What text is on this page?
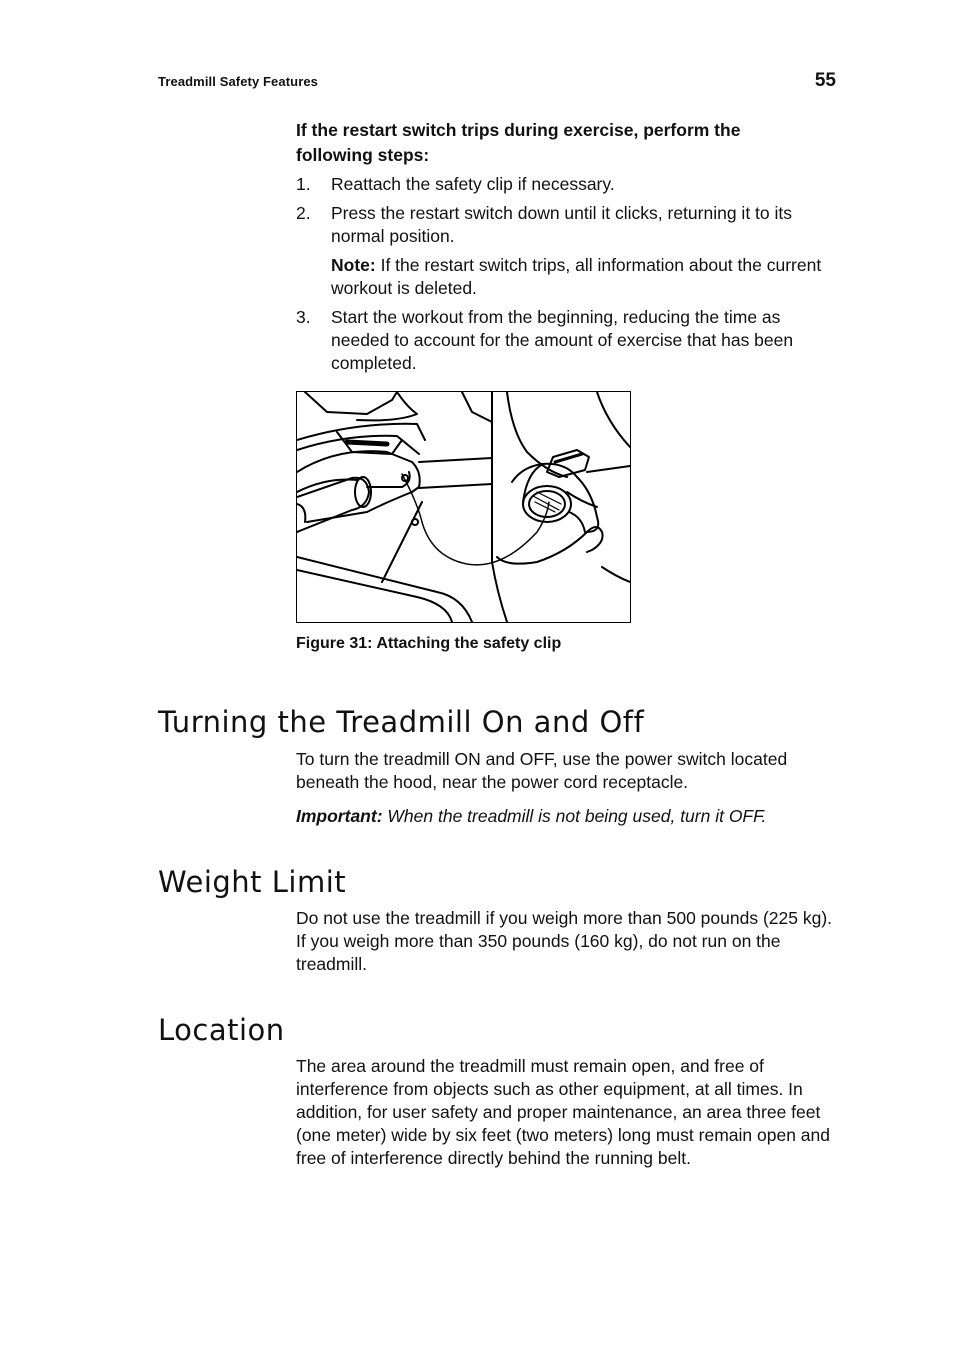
Treadmill Safety Features	55
If the restart switch trips during exercise, perform the following steps:
1. Reattach the safety clip if necessary.
2. Press the restart switch down until it clicks, returning it to its normal position.
Note: If the restart switch trips, all information about the current workout is deleted.
3. Start the workout from the beginning, reducing the time as needed to account for the amount of exercise that has been completed.
Figure 31: Attaching the safety clip
Turning the Treadmill On and Off

To turn the treadmill ON and OFF, use the power switch located beneath the hood, near the power cord receptacle.

Important: When the treadmill is not being used, turn it OFF.

Weight Limit

Do not use the treadmill if you weigh more than 500 pounds (225 kg). If you weigh more than 350 pounds (160 kg), do not run on the treadmill.

Location

The area around the treadmill must remain open, and free of interference from objects such as other equipment, at all times. In addition, for user safety and proper maintenance, an area three feet (one meter) wide by six feet (two meters) long must remain open and free of interference directly behind the running belt.
